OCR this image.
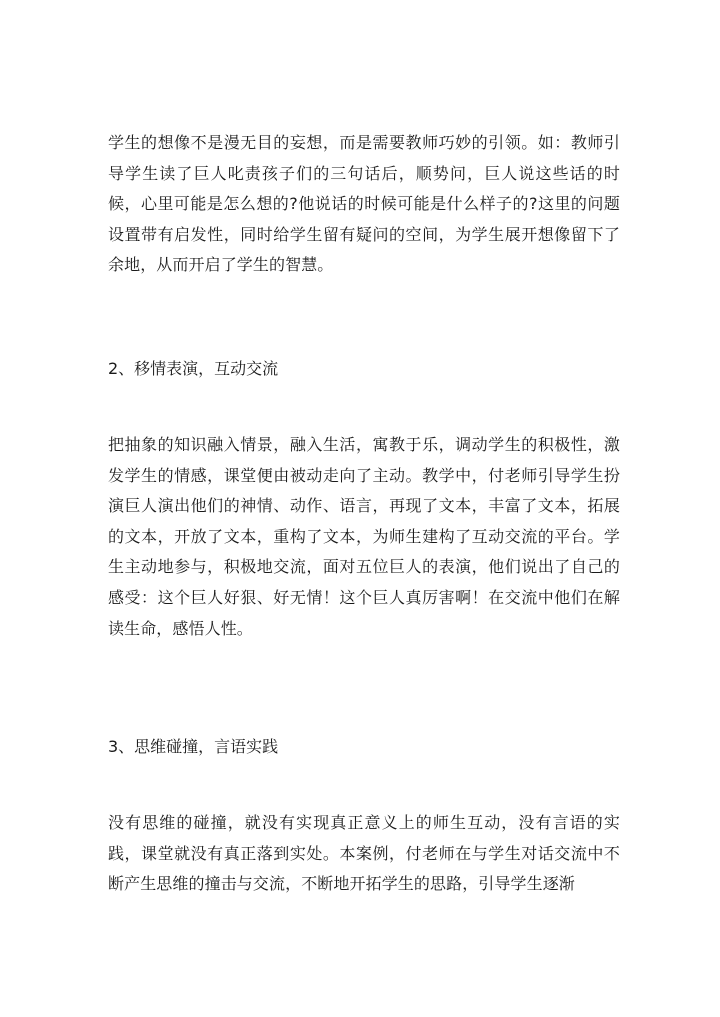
学生的想像不是漫无目的妄想，而是需要教师巧妙的引领。如：教师引导学生读了巨人叱责孩子们的三句话后，顺势问，巨人说这些话的时候，心里可能是怎么想的?他说话的时候可能是什么样子的?这里的问题设置带有启发性，同时给学生留有疑问的空间，为学生展开想像留下了余地，从而开启了学生的智慧。

2、移情表演，互动交流

把抽象的知识融入情景，融入生活，寓教于乐，调动学生的积极性，激发学生的情感，课堂便由被动走向了主动。教学中，付老师引导学生扮演巨人演出他们的神情、动作、语言，再现了文本，丰富了文本，拓展的文本，开放了文本，重构了文本，为师生建构了互动交流的平台。学生主动地参与，积极地交流，面对五位巨人的表演，他们说出了自己的感受：这个巨人好狠、好无情！这个巨人真厉害啊！在交流中他们在解读生命，感悟人性。

3、思维碰撞，言语实践

没有思维的碰撞，就没有实现真正意义上的师生互动，没有言语的实践，课堂就没有真正落到实处。本案例，付老师在与学生对话交流中不断产生思维的撞击与交流，不断地开拓学生的思路，引导学生逐渐
